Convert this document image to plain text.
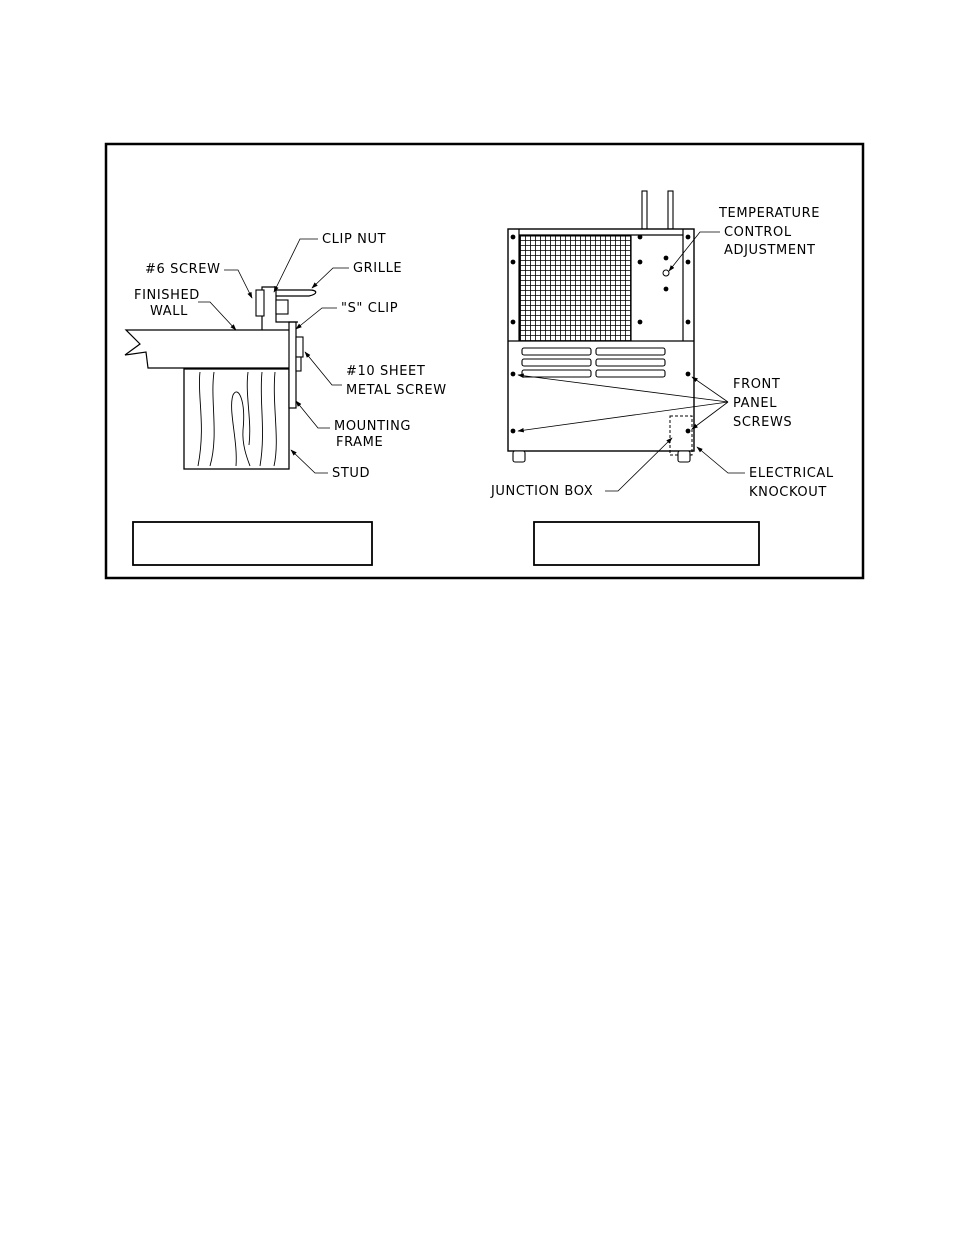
CLIP NUT
#6 SCREW	GRILLE
FINISHED
WALL	"S" CLIP
#10 SHEET
METAL SCREW
MOUNTING
FRAME
STUD
TEMPERATURE
CONTROL
ADJUSTMENT
FRONT
PANEL
SCREWS
ELECTRICAL
KNOCKOUT
JUNCTION BOX
